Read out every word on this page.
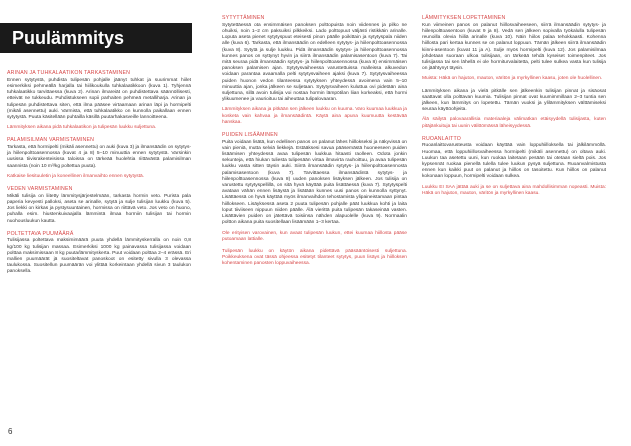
Puulämmitys
ARINAN JA TUHKALAATIKON TARKASTAMINEN

Ennen sytytystä, puhdista tulipesän pohjalle jäänyt tuhkat ja suurimmat hiilet esimerkiksi pehmeällä harjalla tai hiilikoukulla tuhkalaatikkoon (kuva 1). Tyhjennä tuhkalaatikko tarvittaessa (kuva 2). Arinan ilmareiät on puhdistettava säännöllisesti, etteivät ne tukkeudu. Puhdistukseen sopii parhaiten pehmeä metalliharja. Arinan ja tulipesän puhdistettava siten, että ilma pääsee virtaamaan arinan läpi ja hormipelti (mikäli asennettu) auki. Varmista, että tuhkalaatikko on kunnolla paikallaan ennen sytytystä. Puuta käsitellään puhtailla käsillä puutarhakasveille lannoitteena.

Lämmityksen aikana pidä tuhkalaatikon ja tulipesän luukku suljettuna.

PALAMISILMAN VARMISTAMINEN

Tarkasta, että hormipelti (mikäli asennettu) on auki (kuva 3) ja ilmansäädin on sytytys- ja hiilenpolttoasennossa (kuvat 4 ja 8) 5–10 minuuttia ennen sytytystä. Varsinkin uusissa tiivisrakenteisissa taloissa on tärkeää huolehtia riittävästä palamisilman saannista (noin 10 m³/kg poltettua puuta).

Katkaise liesituuletin ja koneellinen ilmanvaihto ennen sytytystä.

VEDEN VARMISTAMINEN

Mikäli tulisija on liitetty lämmitysjärjestelmään, tarkasta hormin veto. Purista pala paperia kevyesti palloksi, aseta se arinalle, sytytä ja sulje tulisijan luukku (kuva 5). Jos liekki on kirkas ja pystysuuntainen, hormissa on riittävä veto. Jos veto on huono, puhalla esim. hiustenkuivaajalla lämmintä ilmaa hormiin tulisijan tai hormin nuohousluukun kautta.

POLTETTAVA PUUMÄÄRÄ

Tulisijassa poltettava maksimimäärä puuta yhdellä lämmityskerralla on noin 0,8 kg/100 kg tulisijan massaa. Esimerkiksi 1000 kg painavassa tulisijassa voidaan polttaa maksimissaan 8 kg puuta/lämmityskerta. Puut voidaan polttaa 2–4 erässä. Eri mallien puumäärät jä suositeltavat panoskoot on esitetty sivulla 3 olevassa taulukossa. Suositellun puumäärän voi ylittää korkeintaan yhdellä sivun 3 taulukon panoksella.

SYTYTTÄMINEN

Sytytettäessä ota ensimmäisen panoksen polttopuista noin viidennes ja pilko ne ohuiksi, noin 1–2 cm paksuiksi pilkkeiksi. Lado polttopuut väljästi ristikkäin arinalle. Loputa aseta pienet sytytyspuut eteisesti pinon päälle poikittain ja sytytyspala niiden alle (kuva 6). Tarkasta, että ilmansäädin on edelleen sytytys- ja hiilenpolttoasennossa (kuva 8). Sytytä ja sulje luukku. Pidä ilmansäädin sytytys- ja hiilenpolttoasennossa kunnes panos on syttynyt hyvin ja siirrä ilmansäädin palamisasentoon (kuva 7). Tai mitä seuraa pidä ilmansäädin sytytys- ja hiilenpolttoasennossa (kuva 8) ensimmäisen panoksen palamisen ajan. Sytytysvaiheessa varustettuissa malleissa alkuvedon voidaan parantaa avaamalla pelti sytytysvaiheen ajaksi (kuva 7). Sytytysvaiheessa puiden huonon vedon tilanteessa sytytyksen yhteydessä avoimena vain 5–10 minuuttia ajan, jonka jälkeen se suljetaan. Sytytysvaiheen kuluttua ovi pidetään aina suljettuna, sillä avoin tulisija voi nostaa hormin lämpötilan liian korkeaksi, että hormi ylikuumenee ja vaurioituu tai aiheuttaa tulipalovaaran.

Lämmityksen aikana ja pitkään sen jälkeen luukku on kuuma. Varo kuumaa luukkua ja kosketa vain kahvaa ja ilmansäädintä. Käytä aina apuna kuumuutta kestävää hanskaa.

PUIDEN LISÄÄMINEN

Puita voidaan lisätä, kun edellinen panos on palanut lähes hiillokseksi ja näkyvissä on vain pieniä, mutta selviä liekkejä. Estääksesi savua pääsemästä huoneeseen puiden lisäämisen yhteydessä avaa tulipesän luukkua hitaasti raolleen. Odota jonkin sekunteja, että hiukan tuliesta tulipesään virtaa ilmavirta rauhoittuu, ja avaa tulipesän luukku vasta sitten täysin auki. Siirrä ilmansäädin sytytys- ja hiilenpolttoasennosta palamisasentoon (kuva 7). Tarvittaessa ilmansäädintä sytytys- ja hiilenpolttoasennossa (kuva 8) uuden panoksen lisäyksen jälkeen. Jos tulisija on varustettu sytytyspellillä, on sitä hyvä käyttää puita lisättäessä (kuva 7). Sytytyspelti avataan vähän ennen lisäystä ja lisätään kunnes uusi panos on kunnolla syttynyt. Lisättäessä on hyvä käyttää myös ilmanvaihdon tehostamista ylipaineistamaan pintaa hiillokseen. Lisäyksessä aseta 2 puuta tulipesän pohjalle päät luukkua kohti ja laita loput tiiviiseen nippuun niiden päälle. Älä vierittä puita tulipesän takaseinää vasten. Lisättävien puiden on jätettävä toisiinsa nähden alapuolelle (kuva 9). Normaalin poltton aikana puita suositellaan lisäämään 1–3 kertaa.

Ole erityisen varovainen, kun avaat tulipesän luukun, ettei kuumaa hiillosta pääse putoamaan lattialle.

Tulipesän luukku on käytön aikana pidettävä pääsääntöisesti suljettuna. Poikkeuksena ovat tässä ohjeessa esitetyt tilanteet sytytys, puun lisäys ja hiilloksen kohentaminen panosten loppuvaiheessa.

LÄMMITYKSEN LOPETTAMINEN

Kun viimeinen panos on palanut hiillosvaiheeseen, siirrä ilmansäädin sytytys- ja hiilenpolttoasentoon (kuvat 9 ja 8). Vedä sen jälkeen sopivalla työkalulla tulipesän reunoilla olevia hiiliä arinalle (kuva 10). Näin hiilos palaa tehokkaasti. Kohenna hiillosta pari kertaa kunnes se on palanut loppuun. Tämän jälkeen siirrä ilmansäädin kiinni-asentoon (kuvat 11 ja A). Sulje myös hormipelti (kuva 12). Jos palamisilmaa johdetaan suoraan ulkoa tulisijaan, on tärkeää tehdä kyseiset toimenpiteet. Jos tulisijassa tai sen lähellä ei ole hormiturvalaitetta, pelti tulee sulkea vasta kun tulisija on jäähtynyt täysin.

Muista: Häkä on hajuton, mauton, väritön ja myrkyllinen kaasu, joten ole huolellinen.

Lämmityksen aikana ja vielä pitkälle sen jälkeenkin tulisijan pinnat ja sisäosat saattavat olla polttavan kuumia. Tulisijan pinnat ovat kuumimmillaan 2–3 tuntia sen jälkeen, kun lämmitys on lopetettu. Tämän vuoksi ja ylilämmityksen välttämiseksi seuraa käyttöohjeita.

Älä säilytä palovaarallisia materiaaleja välimatkan etäisyydellä tulisijasta, kuten pitäjänkuituja tai uunin välittömässä läheisyydessä.

RUOANLAITTO

Ruoanlaittovarusteusta voidaan käyttää vain loppuhiilloksella tai jälkilämmöllä. Huomaa, että loppuhiillosvaiheessa hormipelti (mikäli asennettu) on oltava auki. Luukun taa asetettu uuni, kun ruokaa laitetaan pesään tai otetaan sieltä pois. Jos kypsennät ruokaa pienellä tulella tulee luukun pysyä suljettuna. Ruoanvalmistusta ennen kun kaikki puut on palanut ja hiillos on tasoitettu. Kun hiillos on palanut kokonaan loppuun, hormipelti voidaan sulkea.

Luukku EI SAA jättää auki ja se on suljettava aina mahdollisimman nopeasti. Muista: Häkä on hajuton, mauton, väritön ja myrkyllinen kaasu.

6
